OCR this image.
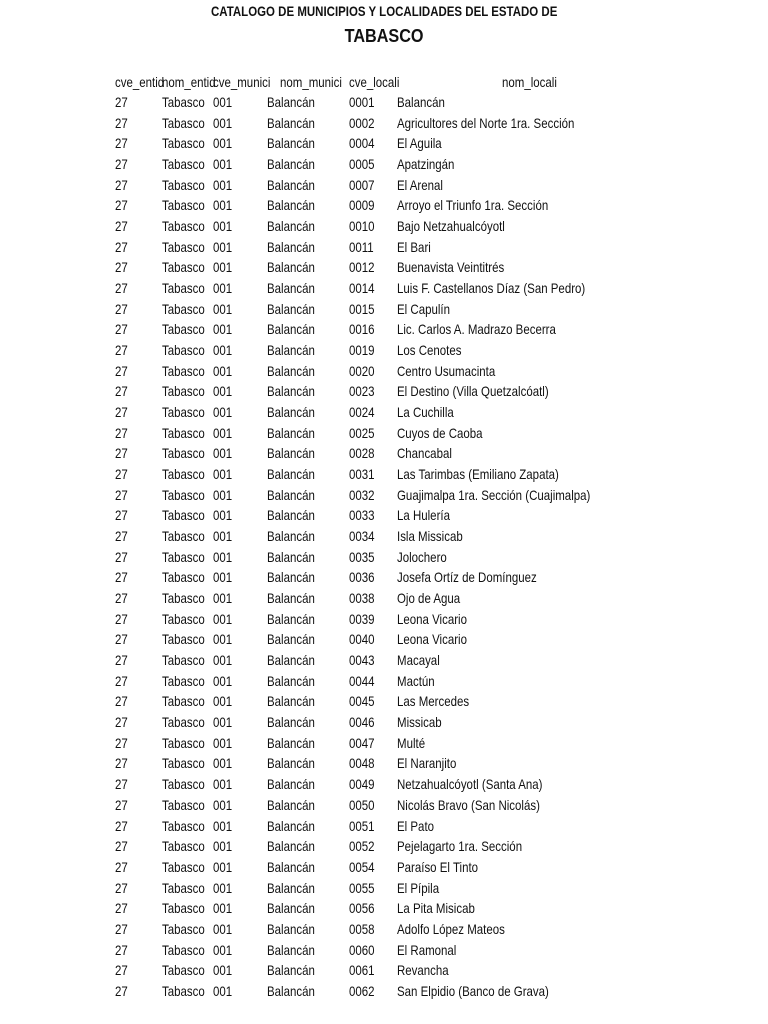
CATALOGO DE MUNICIPIOS Y LOCALIDADES DEL ESTADO DE
TABASCO
cve_entid
nom_entid
cve_munici nom_munici cve_locali	nom_locali
27 Tabasco 001 Balancán 0001 Balancán
27 Tabasco 001 Balancán 0002 Agricultores del Norte 1ra. Sección
27 Tabasco 001 Balancán 0004 El Aguila
27 Tabasco 001 Balancán 0005 Apatzingán
27 Tabasco 001 Balancán 0007 El Arenal
27 Tabasco 001 Balancán 0009 Arroyo el Triunfo 1ra. Sección
27 Tabasco 001 Balancán 0010 Bajo Netzahualcóyotl
27 Tabasco 001 Balancán 0011 El Bari
27 Tabasco 001 Balancán 0012 Buenavista Veintitrés
27 Tabasco 001 Balancán 0014 Luis F. Castellanos Díaz (San Pedro)
27 Tabasco 001 Balancán 0015 El Capulín
27 Tabasco 001 Balancán 0016 Lic. Carlos A. Madrazo Becerra
27 Tabasco 001 Balancán 0019 Los Cenotes
27 Tabasco 001 Balancán 0020 Centro Usumacinta
27 Tabasco 001 Balancán 0023 El Destino (Villa Quetzalcóatl)
27 Tabasco 001 Balancán 0024 La Cuchilla
27 Tabasco 001 Balancán 0025 Cuyos de Caoba
27 Tabasco 001 Balancán 0028 Chancabal
27 Tabasco 001 Balancán 0031 Las Tarimbas (Emiliano Zapata)
27 Tabasco 001 Balancán 0032 Guajimalpa 1ra. Sección (Cuajimalpa)
27 Tabasco 001 Balancán 0033 La Hulería
27 Tabasco 001 Balancán 0034 Isla Missicab
27 Tabasco 001 Balancán 0035 Jolochero
27 Tabasco 001 Balancán 0036 Josefa Ortíz de Domínguez
27 Tabasco 001 Balancán 0038 Ojo de Agua
27 Tabasco 001 Balancán 0039 Leona Vicario
27 Tabasco 001 Balancán 0040 Leona Vicario
27 Tabasco 001 Balancán 0043 Macayal
27 Tabasco 001 Balancán 0044 Mactún
27 Tabasco 001 Balancán 0045 Las Mercedes
27 Tabasco 001 Balancán 0046 Missicab
27 Tabasco 001 Balancán 0047 Multé
27 Tabasco 001 Balancán 0048 El Naranjito
27 Tabasco 001 Balancán 0049 Netzahualcóyotl (Santa Ana)
27 Tabasco 001 Balancán 0050 Nicolás Bravo (San Nicolás)
27 Tabasco 001 Balancán 0051 El Pato
27 Tabasco 001 Balancán 0052 Pejelagarto 1ra. Sección
27 Tabasco 001 Balancán 0054 Paraíso El Tinto
27 Tabasco 001 Balancán 0055 El Pípila
27 Tabasco 001 Balancán 0056 La Pita Misicab
27 Tabasco 001 Balancán 0058 Adolfo López Mateos
27 Tabasco 001 Balancán 0060 El Ramonal
27 Tabasco 001 Balancán 0061 Revancha
27 Tabasco 001 Balancán 0062 San Elpidio (Banco de Grava)
